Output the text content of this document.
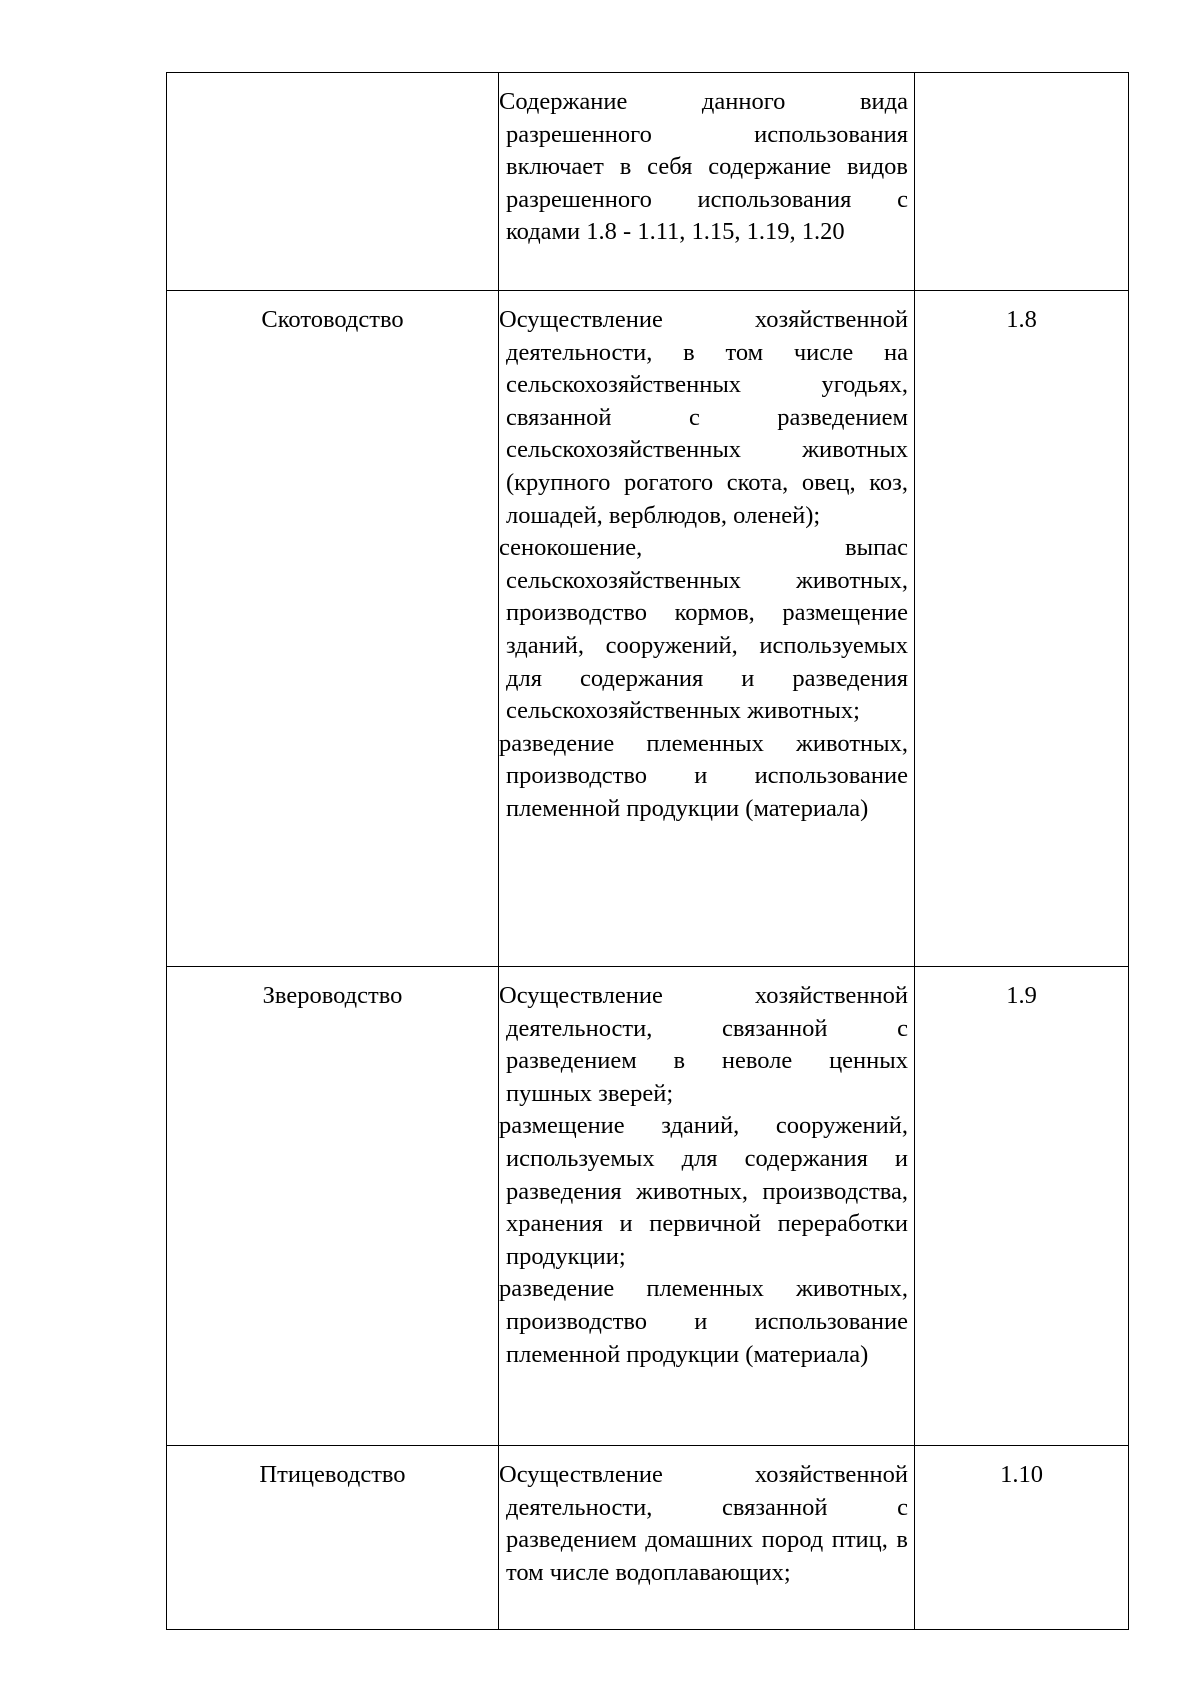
	Содержание данного вида разрешенного использования включает в себя содержание видов разрешенного использования с кодами 1.8 - 1.11, 1.15, 1.19, 1.20	

Скотоводство	Осуществление хозяйственной деятельности, в том числе на сельскохозяйственных угодьях, связанной с разведением сельскохозяйственных животных (крупного рогатого скота, овец, коз, лошадей, верблюдов, оленей);
сенокошение, выпас сельскохозяйственных животных, производство кормов, размещение зданий, сооружений, используемых для содержания и разведения сельскохозяйственных животных;
разведение племенных животных, производство и использование племенной продукции (материала)	1.8

Звероводство	Осуществление хозяйственной деятельности, связанной с разведением в неволе ценных пушных зверей;
размещение зданий, сооружений, используемых для содержания и разведения животных, производства, хранения и первичной переработки продукции;
разведение племенных животных, производство и использование племенной продукции (материала)	1.9

Птицеводство	Осуществление хозяйственной деятельности, связанной с разведением домашних пород птиц, в том числе водоплавающих;	1.10
